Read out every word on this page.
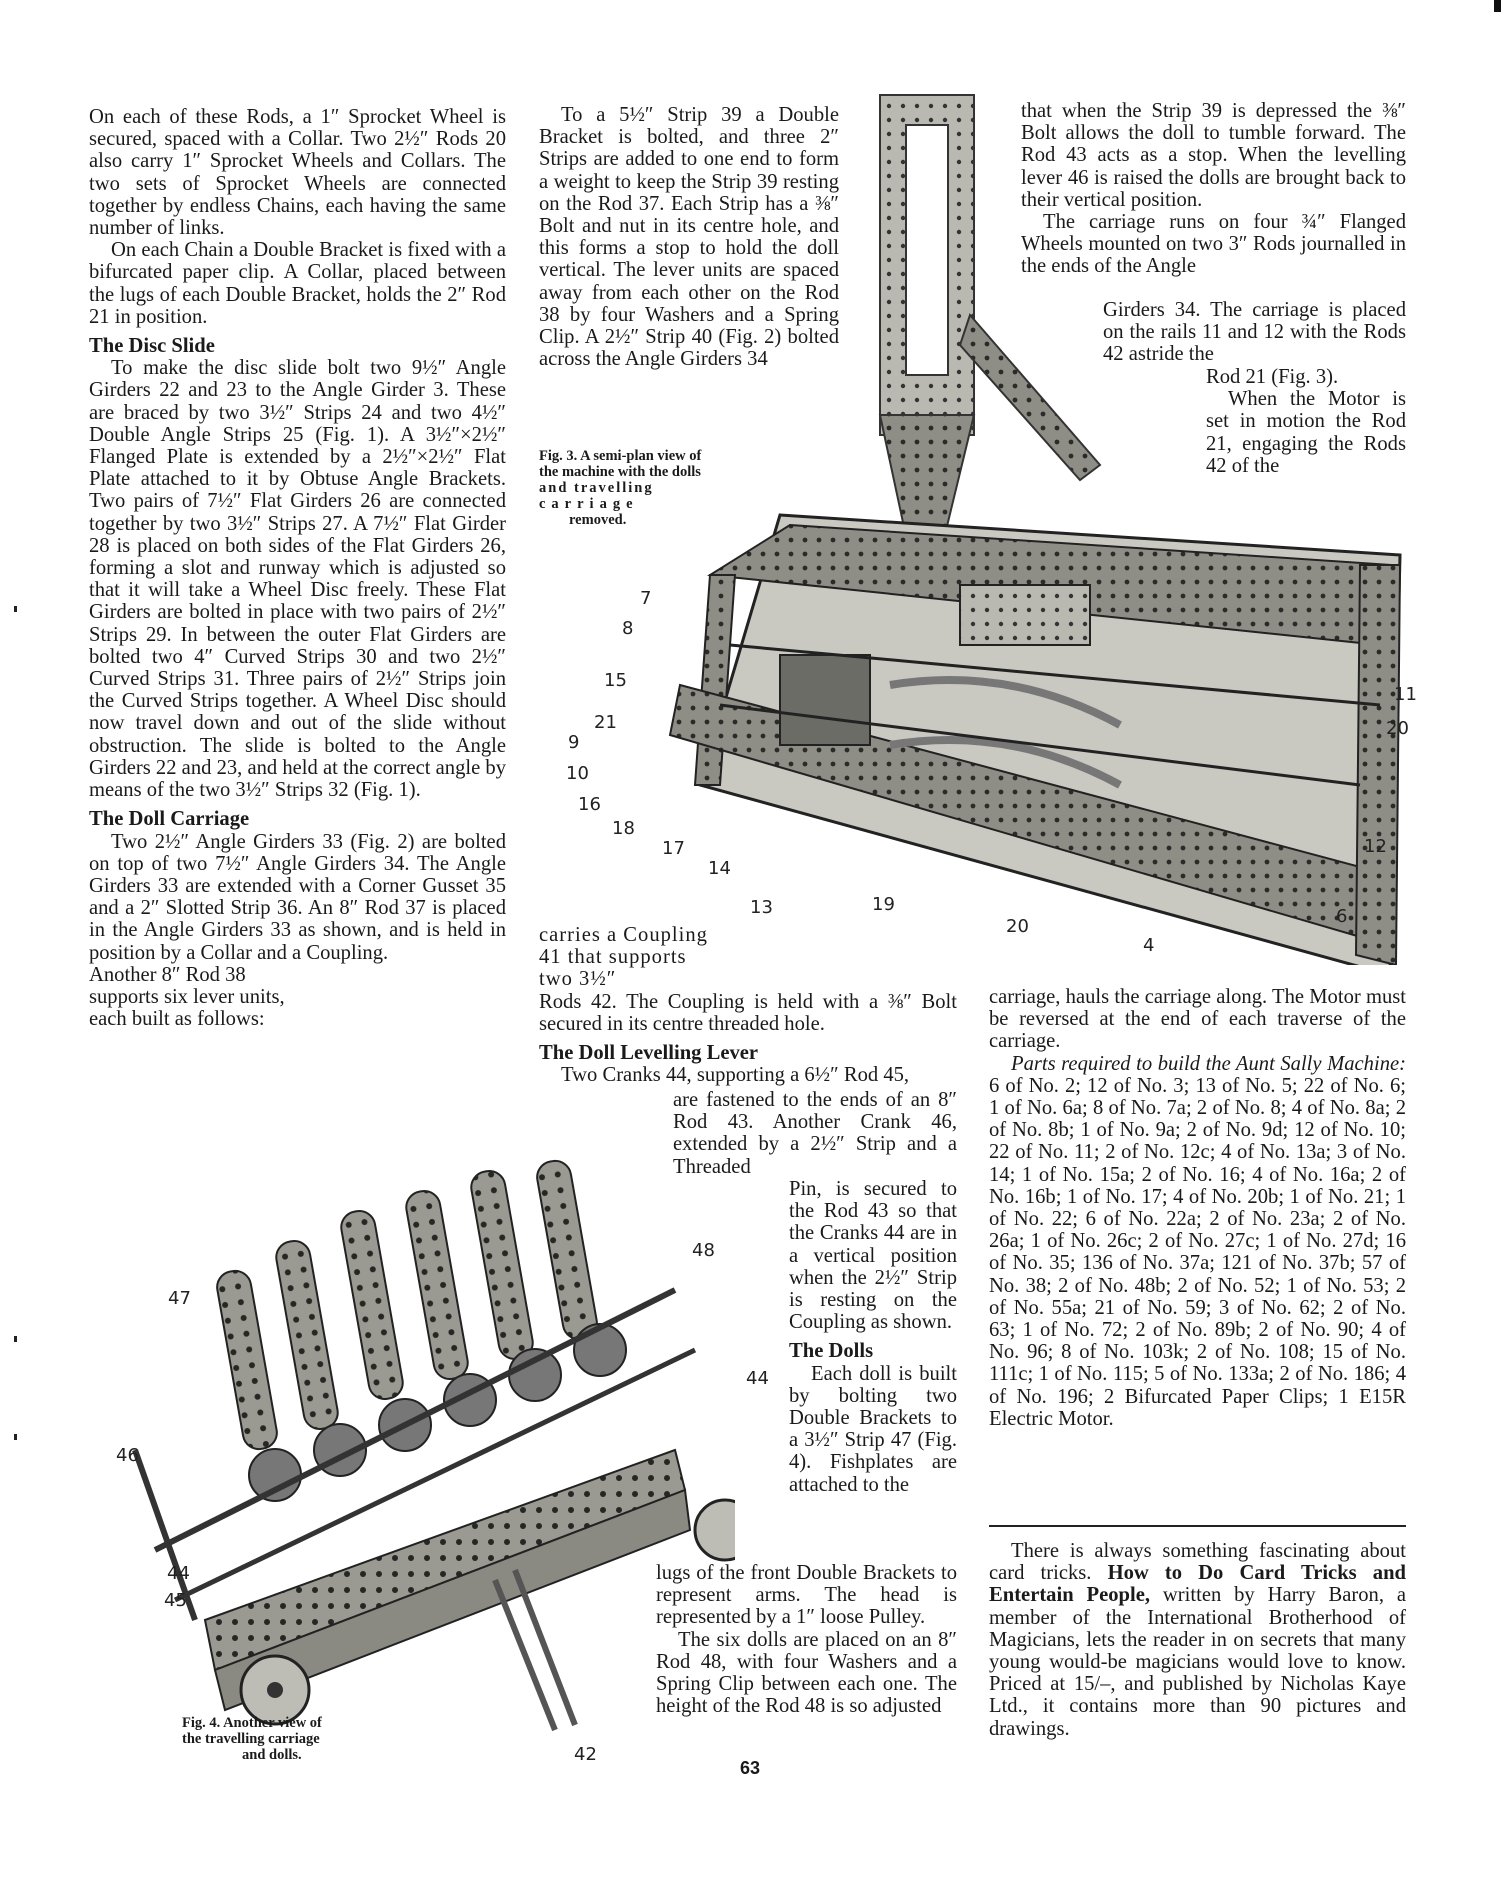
On each of these Rods, a 1″ Sprocket Wheel is secured, spaced with a Collar. Two 2½″ Rods 20 also carry 1″ Sprocket Wheels and Collars. The two sets of Sprocket Wheels are connected together by endless Chains, each having the same number of links.

On each Chain a Double Bracket is fixed with a bifurcated paper clip. A Collar, placed between the lugs of each Double Bracket, holds the 2″ Rod 21 in position.

The Disc Slide

To make the disc slide bolt two 9½″ Angle Girders 22 and 23 to the Angle Girder 3. These are braced by two 3½″ Strips 24 and two 4½″ Double Angle Strips 25 (Fig. 1). A 3½″×2½″ Flanged Plate is extended by a 2½″×2½″ Flat Plate attached to it by Obtuse Angle Brackets. Two pairs of 7½″ Flat Girders 26 are connected together by two 3½″ Strips 27. A 7½″ Flat Girder 28 is placed on both sides of the Flat Girders 26, forming a slot and runway which is adjusted so that it will take a Wheel Disc freely. These Flat Girders are bolted in place with two pairs of 2½″ Strips 29. In between the outer Flat Girders are bolted two 4″ Curved Strips 30 and two 2½″ Curved Strips 31. Three pairs of 2½″ Strips join the Curved Strips together. A Wheel Disc should now travel down and out of the slide without obstruction. The slide is bolted to the Angle Girders 22 and 23, and held at the correct angle by means of the two 3½″ Strips 32 (Fig. 1).

The Doll Carriage

Two 2½″ Angle Girders 33 (Fig. 2) are bolted on top of two 7½″ Angle Girders 34. The Angle Girders 33 are extended with a Corner Gusset 35 and a 2″ Slotted Strip 36. An 8″ Rod 37 is placed in the Angle Girders 33 as shown, and is held in position by a Collar and a Coupling.

Another 8″ Rod 38 supports six lever units, each built as follows:

To a 5½″ Strip 39 a Double Bracket is bolted, and three 2″ Strips are added to one end to form a weight to keep the Strip 39 resting on the Rod 37. Each Strip has a ⅜″ Bolt and nut in its centre hole, and this forms a stop to hold the doll vertical. The lever units are spaced away from each other on the Rod 38 by four Washers and a Spring Clip. A 2½″ Strip 40 (Fig. 2) bolted across the Angle Girders 34

carries a Coupling 41 that supports two 3½″

Rods 42. The Coupling is held with a ⅜″ Bolt secured in its centre threaded hole.

The Doll Levelling Lever

Two Cranks 44, supporting a 6½″ Rod 45,

are fastened to the ends of an 8″ Rod 43. Another Crank 46, extended by a 2½″ Strip and a Threaded

Pin, is secured to the Rod 43 so that the Cranks 44 are in a vertical position when the 2½″ Strip is resting on the Coupling as shown.

The Dolls

Each doll is built by bolting two Double Brackets to a 3½″ Strip 47 (Fig. 4). Fishplates are attached to the

lugs of the front Double Brackets to represent arms. The head is represented by a 1″ loose Pulley.

The six dolls are placed on an 8″ Rod 48, with four Washers and a Spring Clip between each one. The height of the Rod 48 is so adjusted

that when the Strip 39 is depressed the ⅜″ Bolt allows the doll to tumble forward. The Rod 43 acts as a stop. When the levelling lever 46 is raised the dolls are brought back to their vertical position.

The carriage runs on four ¾″ Flanged Wheels mounted on two 3″ Rods journalled in the ends of the Angle

Girders 34. The carriage is placed on the rails 11 and 12 with the Rods 42 astride the

Rod 21 (Fig. 3).

When the Motor is set in motion the Rod 21, engaging the Rods 42 of the

carriage, hauls the carriage along. The Motor must be reversed at the end of each traverse of the carriage.

Parts required to build the Aunt Sally Machine: 6 of No. 2; 12 of No. 3; 13 of No. 5; 22 of No. 6; 1 of No. 6a; 8 of No. 7a; 2 of No. 8; 4 of No. 8a; 2 of No. 8b; 1 of No. 9a; 2 of No. 9d; 12 of No. 10; 22 of No. 11; 2 of No. 12c; 4 of No. 13a; 3 of No. 14; 1 of No. 15a; 2 of No. 16; 4 of No. 16a; 2 of No. 16b; 1 of No. 17; 4 of No. 20b; 1 of No. 21; 1 of No. 22; 6 of No. 22a; 2 of No. 23a; 2 of No. 26a; 1 of No. 26c; 2 of No. 27c; 1 of No. 27d; 16 of No. 35; 136 of No. 37a; 121 of No. 37b; 57 of No. 38; 2 of No. 48b; 2 of No. 52; 1 of No. 53; 2 of No. 55a; 21 of No. 59; 3 of No. 62; 2 of No. 63; 1 of No. 72; 2 of No. 89b; 2 of No. 90; 4 of No. 96; 8 of No. 103k; 2 of No. 108; 15 of No. 111c; 1 of No. 115; 5 of No. 133a; 2 of No. 186; 4 of No. 196; 2 Bifurcated Paper Clips; 1 E15R Electric Motor.

There is always something fascinating about card tricks. How to Do Card Tricks and Entertain People, written by Harry Baron, a member of the International Brotherhood of Magicians, lets the reader in on secrets that many young would-be magicians would love to know. Priced at 15/–, and published by Nicholas Kaye Ltd., it contains more than 90 pictures and drawings.

Fig. 3. A semi-plan view of
the machine with the dolls
and travelling
carriage
removed.
7
8
15
21
9
10
16
18
17
14
13	19
20
4
6
12
20
11
47
48
44
46
44
45
42
Fig. 4. Another view of
the travelling carriage
and dolls.
63
